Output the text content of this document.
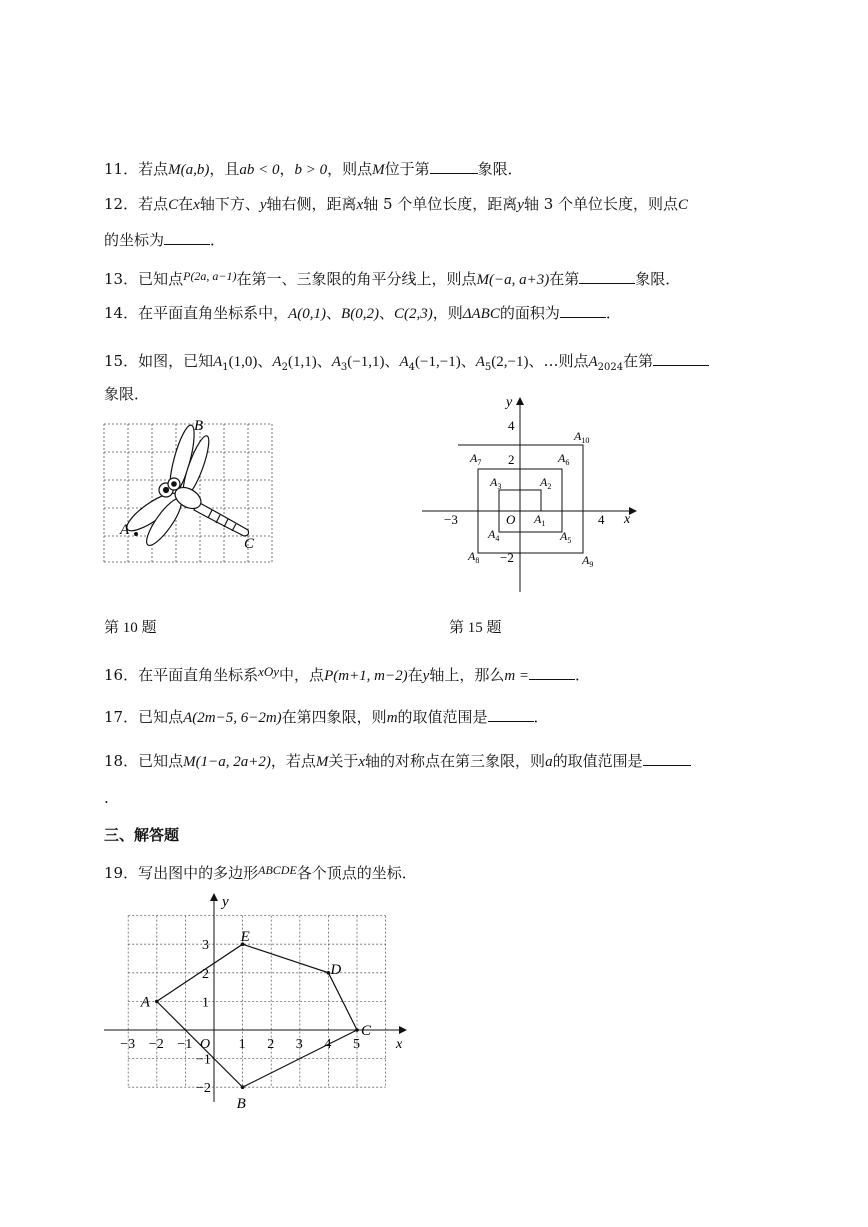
11．若点M(a,b)，且ab < 0，b > 0，则点M位于第	象限．
12．若点C在x轴下方、y轴右侧，距离x轴 5 个单位长度，距离y轴 3 个单位长度，则点C
的坐标为	．
13．已知点$^{P(2a, a-1)}$在第一、三象限的角平分线上，则点M(−a, a+3)在第	象限．
14．在平面直角坐标系中，A(0,1)、B(0,2)、C(2,3)，则ΔABC的面积为	．
15．如图，已知$A_1(1,0)$、$A_2(1,1)$、$A_3(-1,1)$、$A_4(-1,-1)$、$A_5(2,-1)$、…则点$A_{2024}$在第
象限．
A
B
C
第 10 题
x
y
O
4
2
−2
−3	4
$A_1$
$A_2$
$A_3$
$A_4$	$A_5$
$A_6$
$A_7$
$A_8$	$A_9$
$A_{10}$
第 15 题
16．在平面直角坐标系xOy中，点P(m+1, m−2)在y轴上，那么m =	．
17．已知点A(2m−5, 6−2m)在第四象限，则m的取值范围是	．
18．已知点M(1−a, 2a+2)，若点M关于x轴的对称点在第三象限，则a的取值范围是
.
三、解答题
19．写出图中的多边形$^{ABCDE}$各个顶点的坐标．
−3 −2 −1	1 2 3 4 5
3
2
1
−1
−2
A
B
C
D
E
x
y
O
